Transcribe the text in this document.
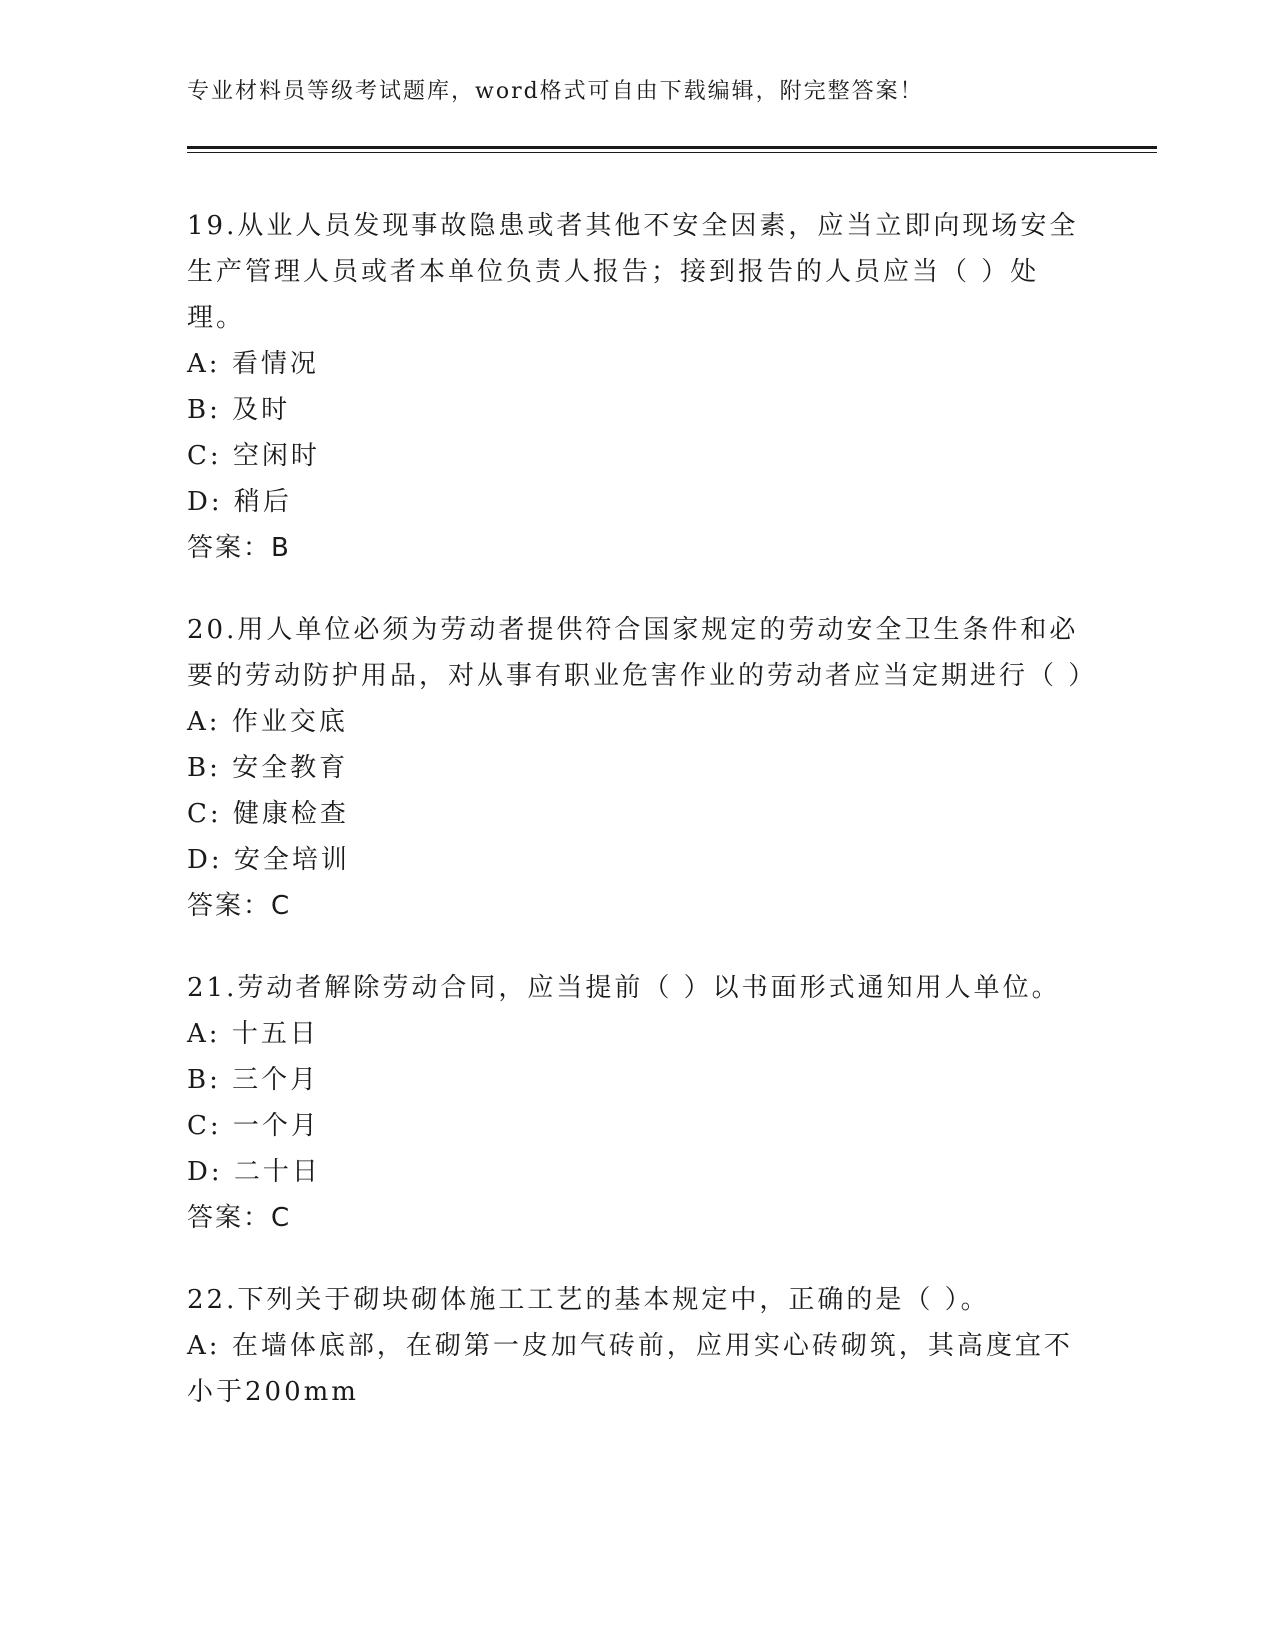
专业材料员等级考试题库，word格式可自由下载编辑，附完整答案！

19.从业人员发现事故隐患或者其他不安全因素，应当立即向现场安全生产管理人员或者本单位负责人报告；接到报告的人员应当（ ）处理。

A: 看情况

B: 及时

C: 空闲时

D: 稍后

答案：B

20.用人单位必须为劳动者提供符合国家规定的劳动安全卫生条件和必要的劳动防护用品，对从事有职业危害作业的劳动者应当定期进行（ ）

A: 作业交底

B: 安全教育

C: 健康检查

D: 安全培训

答案：C

21.劳动者解除劳动合同，应当提前（ ）以书面形式通知用人单位。

A: 十五日

B: 三个月

C: 一个月

D: 二十日

答案：C

22.下列关于砌块砌体施工工艺的基本规定中，正确的是（ ）。

A: 在墙体底部，在砌第一皮加气砖前，应用实心砖砌筑，其高度宜不小于200mm
